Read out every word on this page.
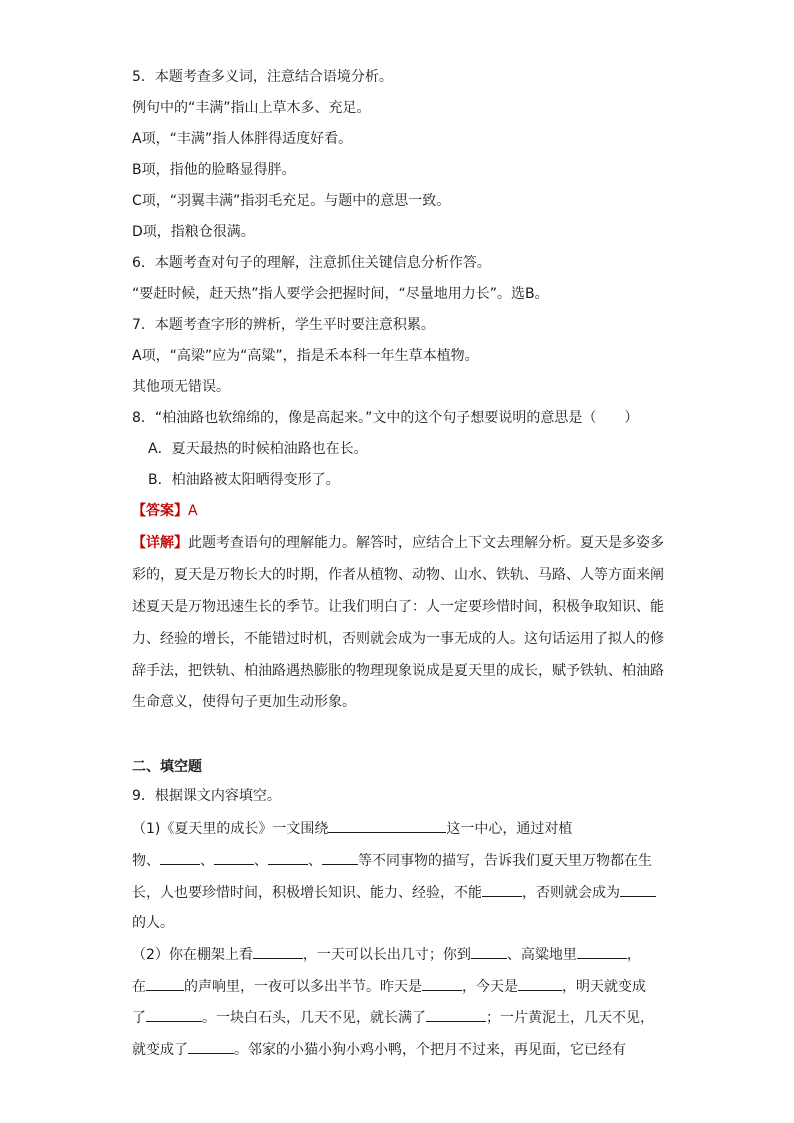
5．本题考查多义词，注意结合语境分析。
例句中的“丰满”指山上草木多、充足。
A项，“丰满”指人体胖得适度好看。
B项，指他的脸略显得胖。
C项，“羽翼丰满”指羽毛充足。与题中的意思一致。
D项，指粮仓很满。
6．本题考查对句子的理解，注意抓住关键信息分析作答。
“要赶时候，赶天热”指人要学会把握时间，“尽量地用力长”。选B。
7．本题考查字形的辨析，学生平时要注意积累。
A项，“高梁”应为“高粱”，指是禾本科一年生草本植物。
其他项无错误。
8．“柏油路也软绵绵的，像是高起来。”文中的这个句子想要说明的意思是（　　）
A．夏天最热的时候柏油路也在长。
B．柏油路被太阳晒得变形了。
【答案】A
【详解】此题考查语句的理解能力。解答时，应结合上下文去理解分析。夏天是多姿多
彩的，夏天是万物长大的时期，作者从植物、动物、山水、铁轨、马路、人等方面来阐
述夏天是万物迅速生长的季节。让我们明白了：人一定要珍惜时间，积极争取知识、能
力、经验的增长，不能错过时机，否则就会成为一事无成的人。这句话运用了拟人的修
辞手法，把铁轨、柏油路遇热膨胀的物理现象说成是夏天里的成长，赋予铁轨、柏油路
生命意义，使得句子更加生动形象。
二、填空题
9．根据课文内容填空。
（1)《夏天里的成长》一文围绕	这一中心，通过对植
物、	、	、	、	等不同事物的描写，告诉我们夏天里万物都在生
长，人也要珍惜时间，积极增长知识、能力、经验，不能	，否则就会成为
的人。
（2）你在棚架上看	，一天可以长出几寸；你到	、高粱地里	，
在	的声响里，一夜可以多出半节。昨天是	，今天是	，明天就变成
了	。一块白石头，几天不见，就长满了	；一片黄泥土，几天不见，
就变成了	。邻家的小猫小狗小鸡小鸭，个把月不过来，再见面，它已经有
